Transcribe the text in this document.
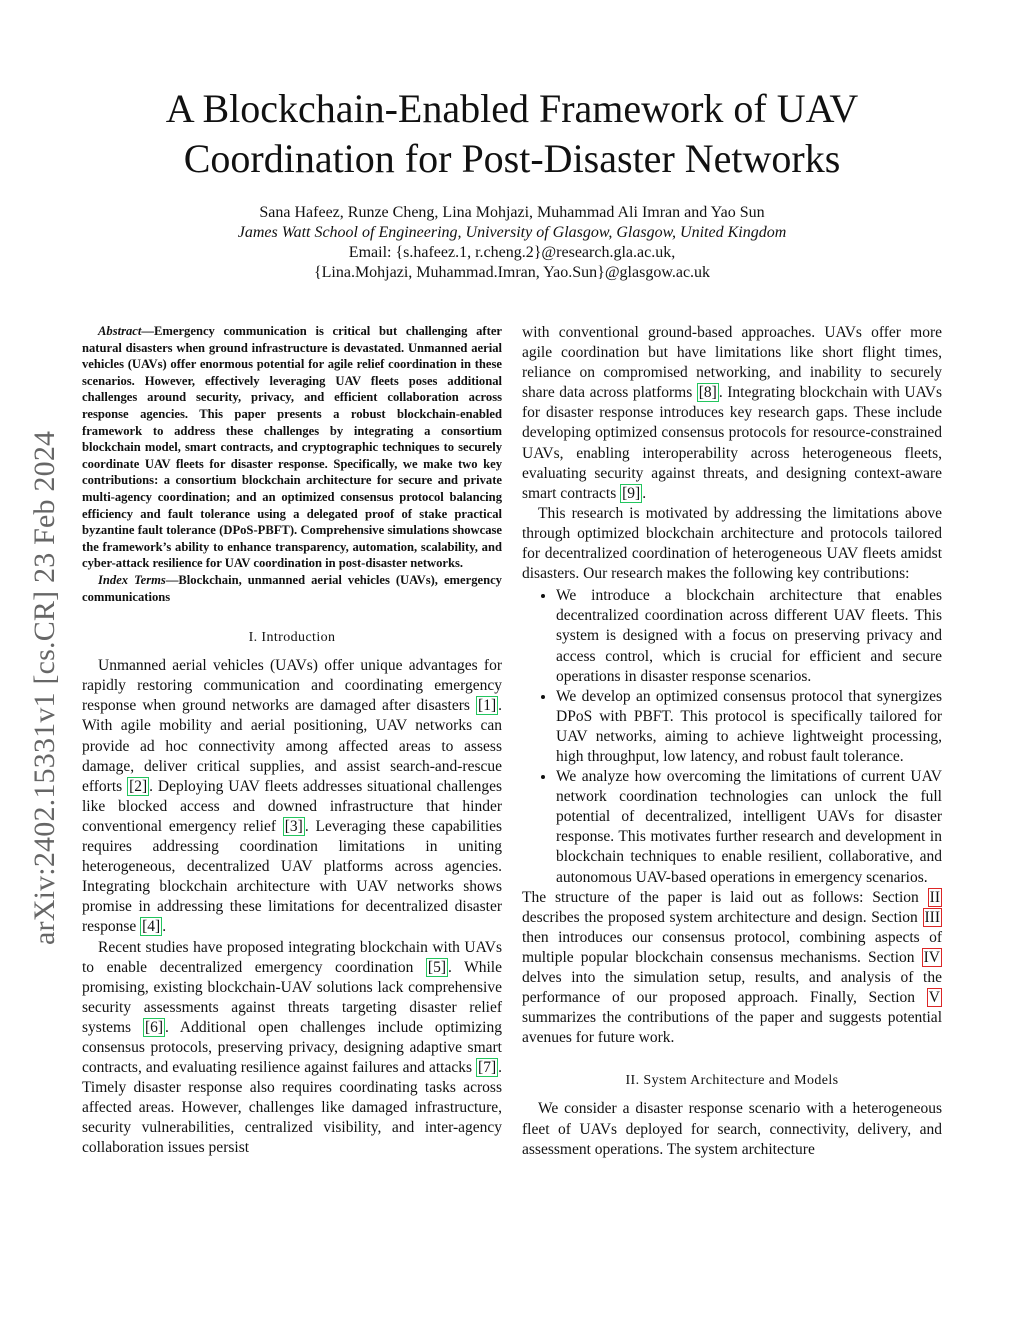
arXiv:2402.15331v1 [cs.CR] 23 Feb 2024
A Blockchain-Enabled Framework of UAV
Coordination for Post-Disaster Networks
Sana Hafeez, Runze Cheng, Lina Mohjazi, Muhammad Ali Imran and Yao Sun
James Watt School of Engineering, University of Glasgow, Glasgow, United Kingdom
Email: {s.hafeez.1, r.cheng.2}@research.gla.ac.uk,
{Lina.Mohjazi, Muhammad.Imran, Yao.Sun}@glasgow.ac.uk

Abstract—Emergency communication is critical but challenging after natural disasters when ground infrastructure is devastated. Unmanned aerial vehicles (UAVs) offer enormous potential for agile relief coordination in these scenarios. However, effectively leveraging UAV fleets poses additional challenges around security, privacy, and efficient collaboration across response agencies. This paper presents a robust blockchain-enabled framework to address these challenges by integrating a consortium blockchain model, smart contracts, and cryptographic techniques to securely coordinate UAV fleets for disaster response. Specifically, we make two key contributions: a consortium blockchain architecture for secure and private multi-agency coordination; and an optimized consensus protocol balancing efficiency and fault tolerance using a delegated proof of stake practical byzantine fault tolerance (DPoS-PBFT). Comprehensive simulations showcase the framework’s ability to enhance transparency, automation, scalability, and cyber-attack resilience for UAV coordination in post-disaster networks.

Index Terms—Blockchain, unmanned aerial vehicles (UAVs), emergency communications

I. Introduction

Unmanned aerial vehicles (UAVs) offer unique advantages for rapidly restoring communication and coordinating emergency response when ground networks are damaged after disasters [1] . With agile mobility and aerial positioning, UAV networks can provide ad hoc connectivity among affected areas to assess damage, deliver critical supplies, and assist search-and-rescue efforts [2] . Deploying UAV fleets addresses situational challenges like blocked access and downed infrastructure that hinder conventional emergency relief [3] . Leveraging these capabilities requires addressing coordination limitations in uniting heterogeneous, decentralized UAV platforms across agencies. Integrating blockchain architecture with UAV networks shows promise in addressing these limitations for decentralized disaster response [4] .

Recent studies have proposed integrating blockchain with UAVs to enable decentralized emergency coordination [5] . While promising, existing blockchain-UAV solutions lack comprehensive security assessments against threats targeting disaster relief systems [6] . Additional open challenges include optimizing consensus protocols, preserving privacy, designing adaptive smart contracts, and evaluating resilience against failures and attacks [7] . Timely disaster response also requires coordinating tasks across affected areas. However, challenges like damaged infrastructure, security vulnerabilities, centralized visibility, and inter-agency collaboration issues persist

with conventional ground-based approaches. UAVs offer more agile coordination but have limitations like short flight times, reliance on compromised networking, and inability to securely share data across platforms [8] . Integrating blockchain with UAVs for disaster response introduces key research gaps. These include developing optimized consensus protocols for resource-constrained UAVs, enabling interoperability across heterogeneous fleets, evaluating security against threats, and designing context-aware smart contracts [9] .

This research is motivated by addressing the limitations above through optimized blockchain architecture and protocols tailored for decentralized coordination of heterogeneous UAV fleets amidst disasters. Our research makes the following key contributions:

• We introduce a blockchain architecture that enables decentralized coordination across different UAV fleets. This system is designed with a focus on preserving privacy and access control, which is crucial for efficient and secure operations in disaster response scenarios.
• We develop an optimized consensus protocol that synergizes DPoS with PBFT. This protocol is specifically tailored for UAV networks, aiming to achieve lightweight processing, high throughput, low latency, and robust fault tolerance.
• We analyze how overcoming the limitations of current UAV network coordination technologies can unlock the full potential of decentralized, intelligent UAVs for disaster response. This motivates further research and development in blockchain techniques to enable resilient, collaborative, and autonomous UAV-based operations in emergency scenarios.

The structure of the paper is laid out as follows: Section II describes the proposed system architecture and design. Section III then introduces our consensus protocol, combining aspects of multiple popular blockchain consensus mechanisms. Section IV delves into the simulation setup, results, and analysis of the performance of our proposed approach. Finally, Section V summarizes the contributions of the paper and suggests potential avenues for future work.

II. System Architecture and Models

We consider a disaster response scenario with a heterogeneous fleet of UAVs deployed for search, connectivity, delivery, and assessment operations. The system architecture
